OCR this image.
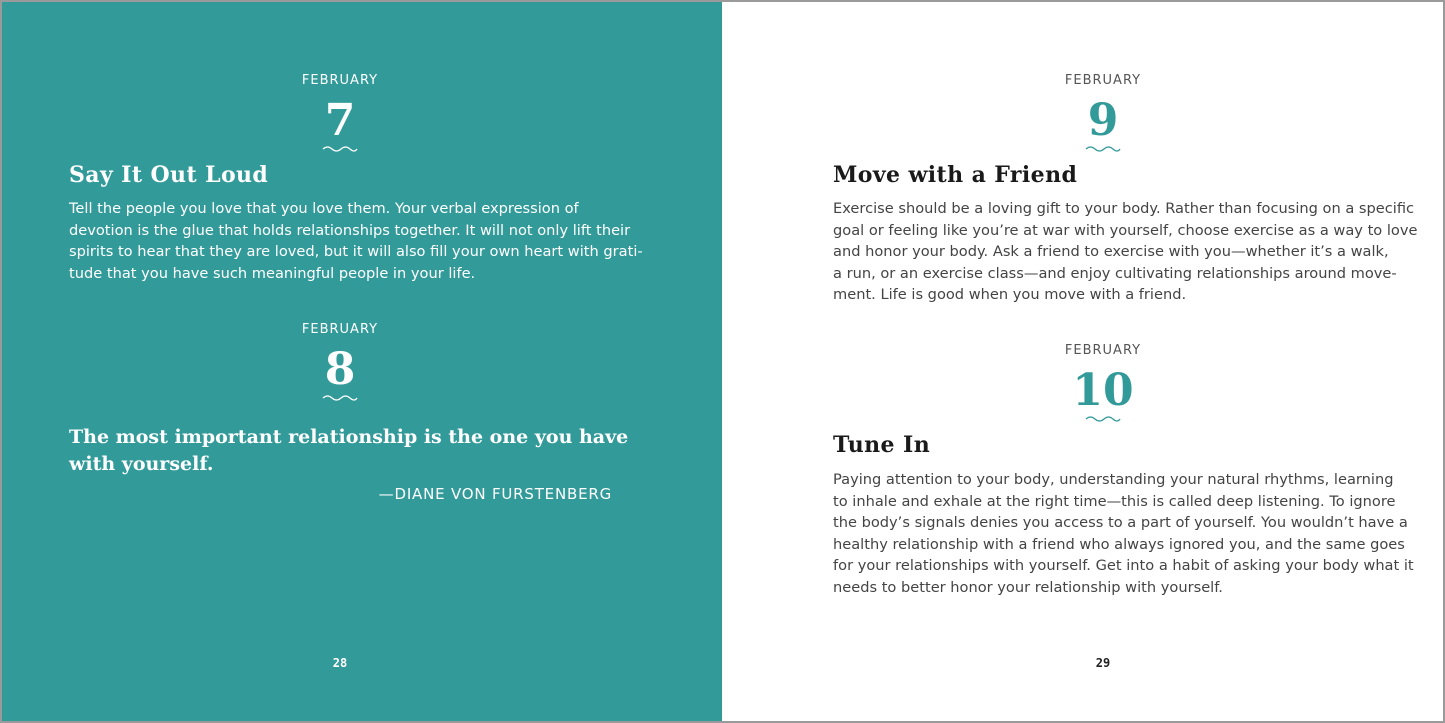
FEBRUARY
7
Say It Out Loud

Tell the people you love that you love them. Your verbal expression of
devotion is the glue that holds relationships together. It will not only lift their
spirits to hear that they are loved, but it will also fill your own heart with grati-
tude that you have such meaningful people in your life.

FEBRUARY
8

The most important relationship is the one you have
with yourself.

—DIANE VON FURSTENBERG
28
FEBRUARY
9
Move with a Friend

Exercise should be a loving gift to your body. Rather than focusing on a specific
goal or feeling like you’re at war with yourself, choose exercise as a way to love
and honor your body. Ask a friend to exercise with you—whether it’s a walk,
a run, or an exercise class—and enjoy cultivating relationships around move-
ment. Life is good when you move with a friend.

FEBRUARY
10
Tune In

Paying attention to your body, understanding your natural rhythms, learning
to inhale and exhale at the right time—this is called deep listening. To ignore
the body’s signals denies you access to a part of yourself. You wouldn’t have a
healthy relationship with a friend who always ignored you, and the same goes
for your relationships with yourself. Get into a habit of asking your body what it
needs to better honor your relationship with yourself.

29
